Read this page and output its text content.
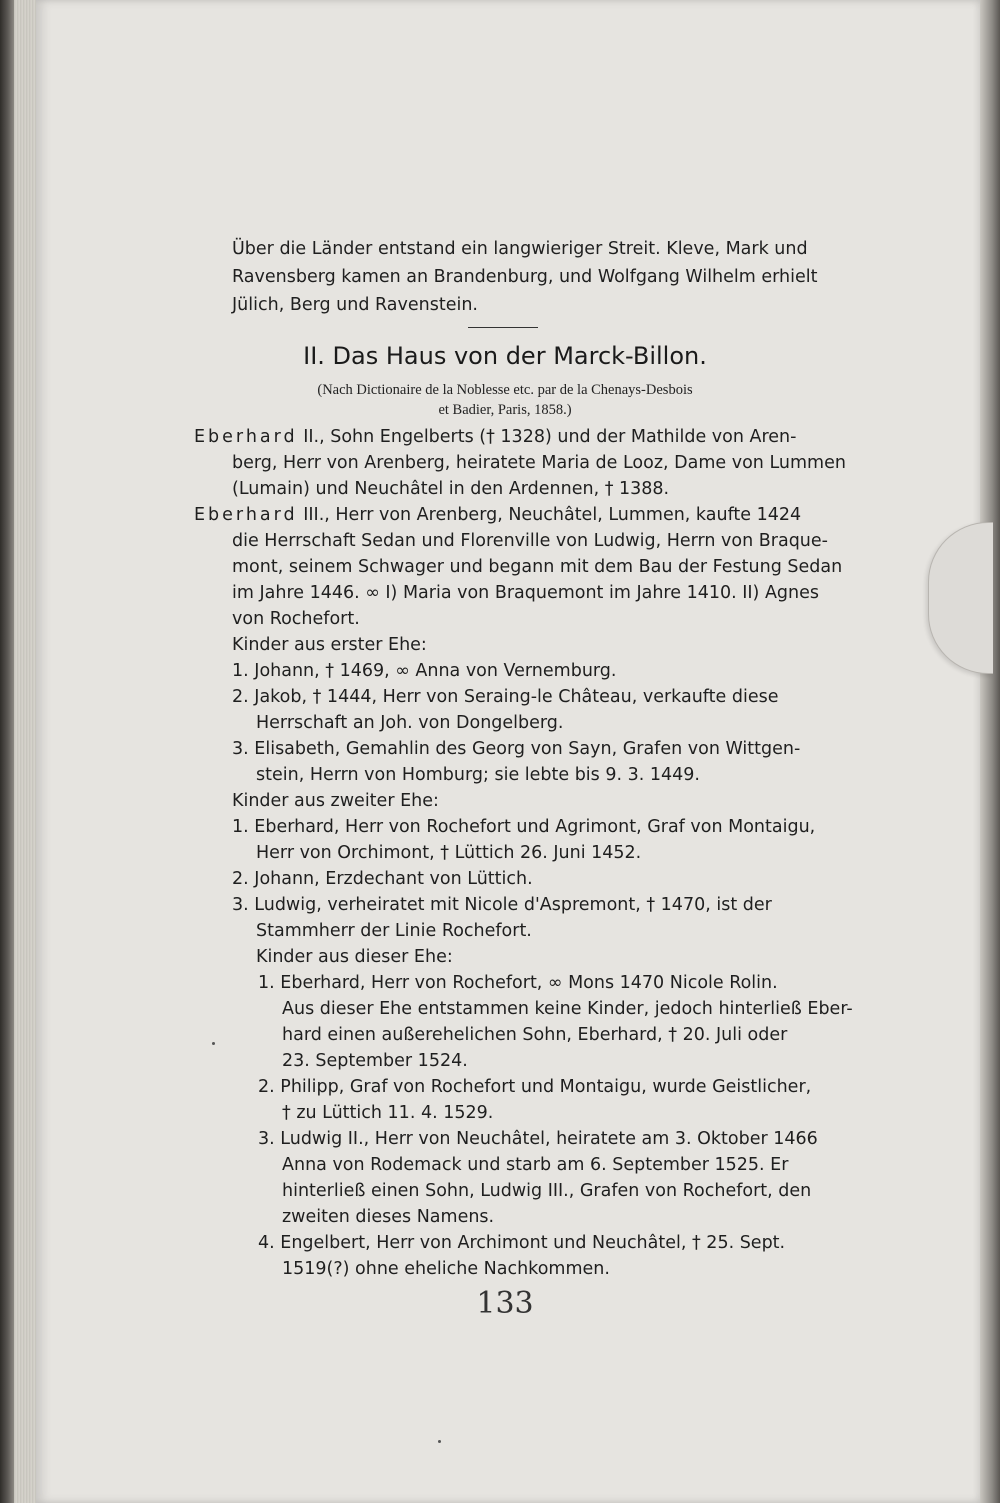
Über die Länder entstand ein langwieriger Streit. Kleve, Mark und
Ravensberg kamen an Brandenburg, und Wolfgang Wilhelm erhielt
Jülich, Berg und Ravenstein.
II. Das Haus von der Marck-Billon.
(Nach Dictionaire de la Noblesse etc. par de la Chenays-Desbois
et Badier, Paris, 1858.)
Eberhard II., Sohn Engelberts († 1328) und der Mathilde von Aren-
berg, Herr von Arenberg, heiratete Maria de Looz, Dame von Lummen
(Lumain) und Neuchâtel in den Ardennen, † 1388.
Eberhard III., Herr von Arenberg, Neuchâtel, Lummen, kaufte 1424
die Herrschaft Sedan und Florenville von Ludwig, Herrn von Braque-
mont, seinem Schwager und begann mit dem Bau der Festung Sedan
im Jahre 1446. ∞ I) Maria von Braquemont im Jahre 1410. II) Agnes
von Rochefort.
Kinder aus erster Ehe:
1. Johann, † 1469, ∞ Anna von Vernemburg.
2. Jakob, † 1444, Herr von Seraing-le Château, verkaufte diese
Herrschaft an Joh. von Dongelberg.
3. Elisabeth, Gemahlin des Georg von Sayn, Grafen von Wittgen-
stein, Herrn von Homburg; sie lebte bis 9. 3. 1449.
Kinder aus zweiter Ehe:
1. Eberhard, Herr von Rochefort und Agrimont, Graf von Montaigu,
Herr von Orchimont, † Lüttich 26. Juni 1452.
2. Johann, Erzdechant von Lüttich.
3. Ludwig, verheiratet mit Nicole d'Aspremont, † 1470, ist der
Stammherr der Linie Rochefort.
Kinder aus dieser Ehe:
1. Eberhard, Herr von Rochefort, ∞ Mons 1470 Nicole Rolin.
Aus dieser Ehe entstammen keine Kinder, jedoch hinterließ Eber-
hard einen außerehelichen Sohn, Eberhard, † 20. Juli oder
23. September 1524.
2. Philipp, Graf von Rochefort und Montaigu, wurde Geistlicher,
† zu Lüttich 11. 4. 1529.
3. Ludwig II., Herr von Neuchâtel, heiratete am 3. Oktober 1466
Anna von Rodemack und starb am 6. September 1525. Er
hinterließ einen Sohn, Ludwig III., Grafen von Rochefort, den
zweiten dieses Namens.
4. Engelbert, Herr von Archimont und Neuchâtel, † 25. Sept.
1519(?) ohne eheliche Nachkommen.
133
